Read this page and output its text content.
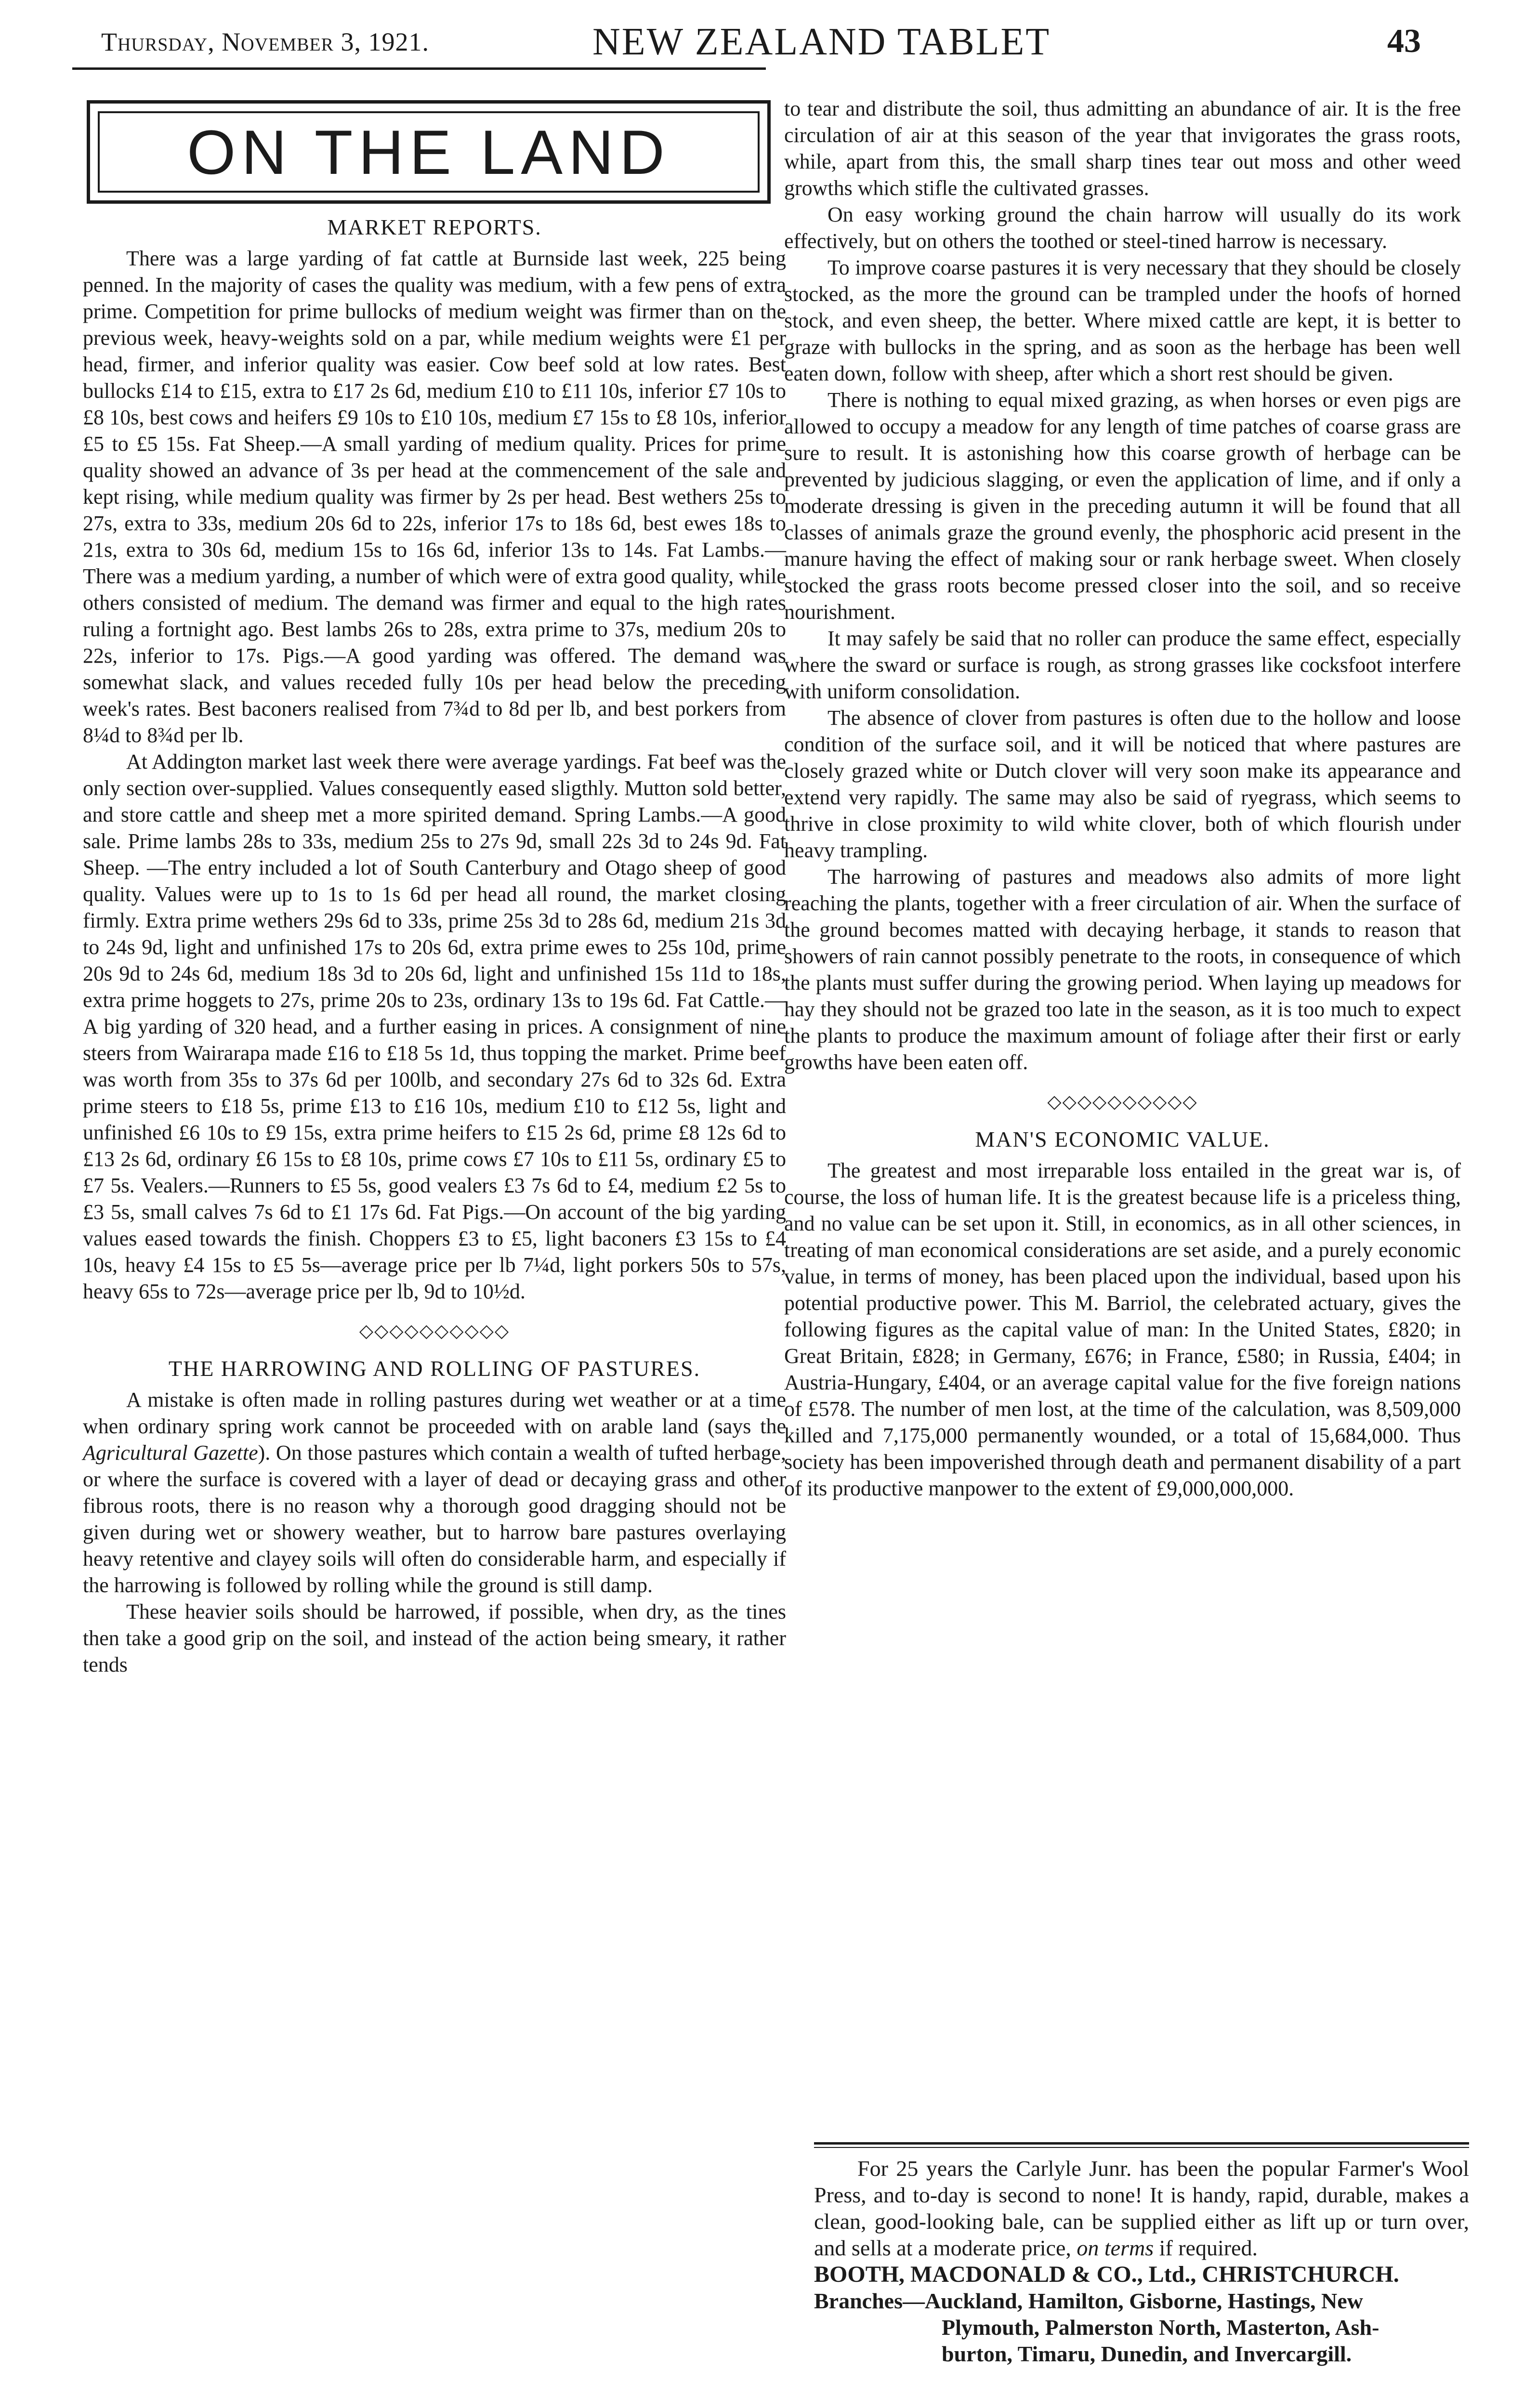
Thursday, November 3, 1921.	NEW ZEALAND TABLET	43
ON THE LAND
MARKET REPORTS.

There was a large yarding of fat cattle at Burnside last week, 225 being penned. In the majority of cases the quality was medium, with a few pens of extra prime. Competition for prime bullocks of medium weight was firmer than on the previous week, heavy-weights sold on a par, while medium weights were £1 per head, firmer, and inferior quality was easier. Cow beef sold at low rates. Best bullocks £14 to £15, extra to £17 2s 6d, medium £10 to £11 10s, inferior £7 10s to £8 10s, best cows and heifers £9 10s to £10 10s, medium £7 15s to £8 10s, inferior £5 to £5 15s. Fat Sheep.—A small yarding of medium quality. Prices for prime quality showed an advance of 3s per head at the commencement of the sale and kept rising, while medium quality was firmer by 2s per head. Best wethers 25s to 27s, extra to 33s, medium 20s 6d to 22s, inferior 17s to 18s 6d, best ewes 18s to 21s, extra to 30s 6d, medium 15s to 16s 6d, inferior 13s to 14s. Fat Lambs.—There was a medium yarding, a number of which were of extra good quality, while others consisted of medium. The demand was firmer and equal to the high rates ruling a fortnight ago. Best lambs 26s to 28s, extra prime to 37s, medium 20s to 22s, inferior to 17s. Pigs.—A good yarding was offered. The demand was somewhat slack, and values receded fully 10s per head below the preceding week's rates. Best baconers realised from 7¾d to 8d per lb, and best porkers from 8¼d to 8¾d per lb.

At Addington market last week there were average yardings. Fat beef was the only section over-supplied. Values consequently eased sligthly. Mutton sold better, and store cattle and sheep met a more spirited demand. Spring Lambs.—A good sale. Prime lambs 28s to 33s, medium 25s to 27s 9d, small 22s 3d to 24s 9d. Fat Sheep. —The entry included a lot of South Canterbury and Otago sheep of good quality. Values were up to 1s to 1s 6d per head all round, the market closing firmly. Extra prime wethers 29s 6d to 33s, prime 25s 3d to 28s 6d, medium 21s 3d to 24s 9d, light and unfinished 17s to 20s 6d, extra prime ewes to 25s 10d, prime 20s 9d to 24s 6d, medium 18s 3d to 20s 6d, light and unfinished 15s 11d to 18s, extra prime hoggets to 27s, prime 20s to 23s, ordinary 13s to 19s 6d. Fat Cattle.—A big yarding of 320 head, and a further easing in prices. A consignment of nine steers from Wairarapa made £16 to £18 5s 1d, thus topping the market. Prime beef was worth from 35s to 37s 6d per 100lb, and secondary 27s 6d to 32s 6d. Extra prime steers to £18 5s, prime £13 to £16 10s, medium £10 to £12 5s, light and unfinished £6 10s to £9 15s, extra prime heifers to £15 2s 6d, prime £8 12s 6d to £13 2s 6d, ordinary £6 15s to £8 10s, prime cows £7 10s to £11 5s, ordinary £5 to £7 5s. Vealers.—Runners to £5 5s, good vealers £3 7s 6d to £4, medium £2 5s to £3 5s, small calves 7s 6d to £1 17s 6d. Fat Pigs.—On account of the big yarding values eased towards the finish. Choppers £3 to £5, light baconers £3 15s to £4 10s, heavy £4 15s to £5 5s—average price per lb 7¼d, light porkers 50s to 57s, heavy 65s to 72s—average price per lb, 9d to 10½d.

◇◇◇◇◇◇◇◇◇◇
THE HARROWING AND ROLLING OF PASTURES.

A mistake is often made in rolling pastures during wet weather or at a time when ordinary spring work cannot be proceeded with on arable land (says the Agricultural Gazette). On those pastures which contain a wealth of tufted herbage, or where the surface is covered with a layer of dead or decaying grass and other fibrous roots, there is no reason why a thorough good dragging should not be given during wet or showery weather, but to harrow bare pastures overlaying heavy retentive and clayey soils will often do considerable harm, and especially if the harrowing is followed by rolling while the ground is still damp.

These heavier soils should be harrowed, if possible, when dry, as the tines then take a good grip on the soil, and instead of the action being smeary, it rather tends

to tear and distribute the soil, thus admitting an abundance of air. It is the free circulation of air at this season of the year that invigorates the grass roots, while, apart from this, the small sharp tines tear out moss and other weed growths which stifle the cultivated grasses.

On easy working ground the chain harrow will usually do its work effectively, but on others the toothed or steel-tined harrow is necessary.

To improve coarse pastures it is very necessary that they should be closely stocked, as the more the ground can be trampled under the hoofs of horned stock, and even sheep, the better. Where mixed cattle are kept, it is better to graze with bullocks in the spring, and as soon as the herbage has been well eaten down, follow with sheep, after which a short rest should be given.

There is nothing to equal mixed grazing, as when horses or even pigs are allowed to occupy a meadow for any length of time patches of coarse grass are sure to result. It is astonishing how this coarse growth of herbage can be prevented by judicious slagging, or even the application of lime, and if only a moderate dressing is given in the preceding autumn it will be found that all classes of animals graze the ground evenly, the phosphoric acid present in the manure having the effect of making sour or rank herbage sweet. When closely stocked the grass roots become pressed closer into the soil, and so receive nourishment.

It may safely be said that no roller can produce the same effect, especially where the sward or surface is rough, as strong grasses like cocksfoot interfere with uniform consolidation.

The absence of clover from pastures is often due to the hollow and loose condition of the surface soil, and it will be noticed that where pastures are closely grazed white or Dutch clover will very soon make its appearance and extend very rapidly. The same may also be said of ryegrass, which seems to thrive in close proximity to wild white clover, both of which flourish under heavy trampling.

The harrowing of pastures and meadows also admits of more light reaching the plants, together with a freer circulation of air. When the surface of the ground becomes matted with decaying herbage, it stands to reason that showers of rain cannot possibly penetrate to the roots, in consequence of which the plants must suffer during the growing period. When laying up meadows for hay they should not be grazed too late in the season, as it is too much to expect the plants to produce the maximum amount of foliage after their first or early growths have been eaten off.

◇◇◇◇◇◇◇◇◇◇
MAN'S ECONOMIC VALUE.

The greatest and most irreparable loss entailed in the great war is, of course, the loss of human life. It is the greatest because life is a priceless thing, and no value can be set upon it. Still, in economics, as in all other sciences, in treating of man economical considerations are set aside, and a purely economic value, in terms of money, has been placed upon the individual, based upon his potential productive power. This M. Barriol, the celebrated actuary, gives the following figures as the capital value of man: In the United States, £820; in Great Britain, £828; in Germany, £676; in France, £580; in Russia, £404; in Austria-Hungary, £404, or an average capital value for the five foreign nations of £578. The number of men lost, at the time of the calculation, was 8,509,000 killed and 7,175,000 permanently wounded, or a total of 15,684,000. Thus society has been impoverished through death and permanent disability of a part of its productive manpower to the extent of £9,000,000,000.

For 25 years the Carlyle Junr. has been the popular Farmer's Wool Press, and to-day is second to none! It is handy, rapid, durable, makes a clean, good-looking bale, can be supplied either as lift up or turn over, and sells at a moderate price, on terms if required.

BOOTH, MACDONALD & CO., Ltd., CHRISTCHURCH.

Branches—Auckland, Hamilton, Gisborne, Hastings, New

Plymouth, Palmerston North, Masterton, Ash-

burton, Timaru, Dunedin, and Invercargill.
